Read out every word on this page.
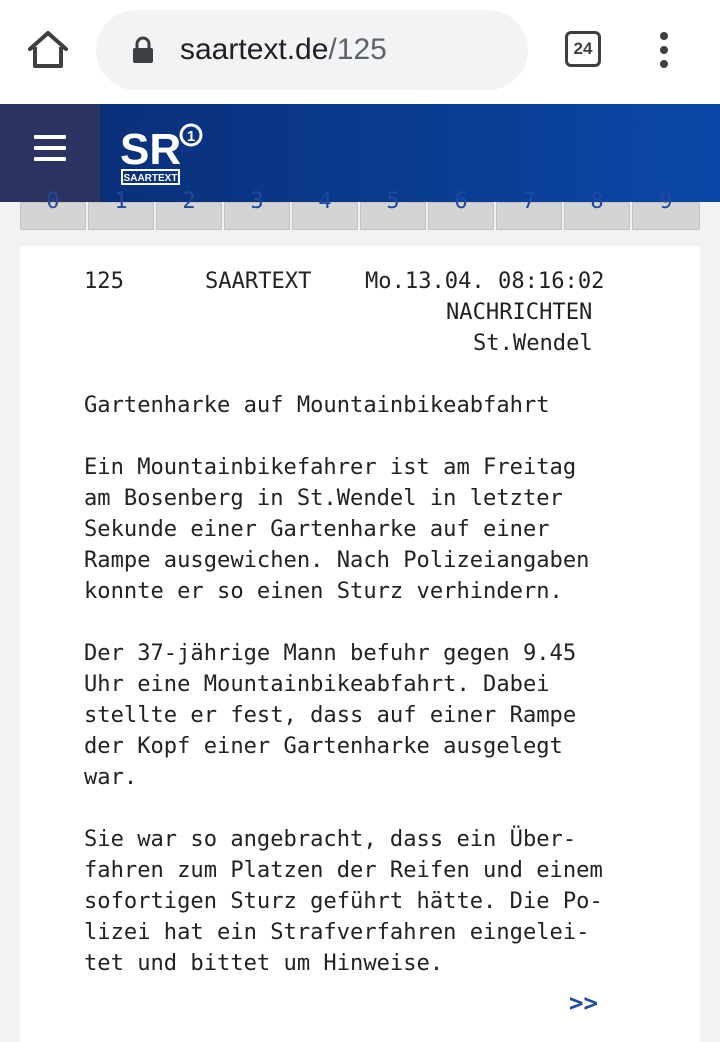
saartext.de/125	24
SR 1
SAARTEXT
0	1	2	3	4	5	6	7	8	9
125	SAARTEXT Mo.13.04. 08:16:02
NACHRICHTEN
St.Wendel
Gartenharke auf Mountainbikeabfahrt
Ein Mountainbikefahrer ist am Freitag
am Bosenberg in St.Wendel in letzter
Sekunde einer Gartenharke auf einer
Rampe ausgewichen. Nach Polizeiangaben
konnte er so einen Sturz verhindern.
Der 37-jährige Mann befuhr gegen 9.45
Uhr eine Mountainbikeabfahrt. Dabei
stellte er fest, dass auf einer Rampe
der Kopf einer Gartenharke ausgelegt
war.
Sie war so angebracht, dass ein Über-
fahren zum Platzen der Reifen und einem
sofortigen Sturz geführt hätte. Die Po-
lizei hat ein Strafverfahren eingelei-
tet und bittet um Hinweise.
>>
